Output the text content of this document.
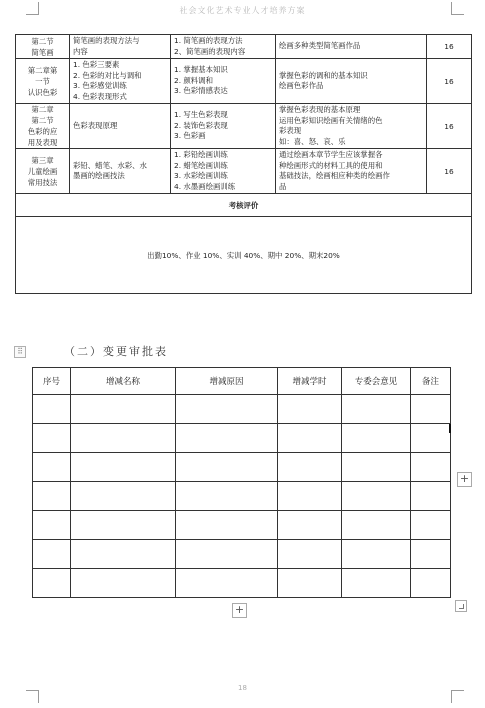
社会文化艺术专业人才培养方案
第二节
简笔画	简笔画的表现方法与
内容	1. 简笔画的表现方法
2、简笔画的表现内容	绘画多种类型简笔画作品	16

第二章第
一节
认识色彩	1. 色彩三要素
2. 色彩的对比与调和
3. 色彩感觉训练
4. 色彩表现形式	1. 掌握基本知识
2. 颜料调和
3. 色彩情感表达	掌握色彩的调和的基本知识
绘画色彩作品	16

第二章
第二节
色彩的应
用及表现	色彩表现原理	1. 写生色彩表现
2. 装饰色彩表现
3. 色彩画	掌握色彩表现的基本原理
运用色彩知识绘画有关情绪的色
彩表现
如：喜、怒、哀、乐	16

第三章
儿童绘画
常用技法	彩铅、蜡笔、水彩、水
墨画的绘画技法	1. 彩铅绘画训练
2. 蜡笔绘画训练
3. 水彩绘画训练
4. 水墨画绘画训练	通过绘画本章节学生应该掌握各
种绘画形式的材料工具的使用和
基础技法，绘画相应种类的绘画作
品	16
考核评价				
出勤10%、作业 10%、实训 40%、期中 20%、期末20%				
⠿	（二）变更审批表
序号	增减名称	增减原因	增减学时	专委会意见	备注

+
+
18
